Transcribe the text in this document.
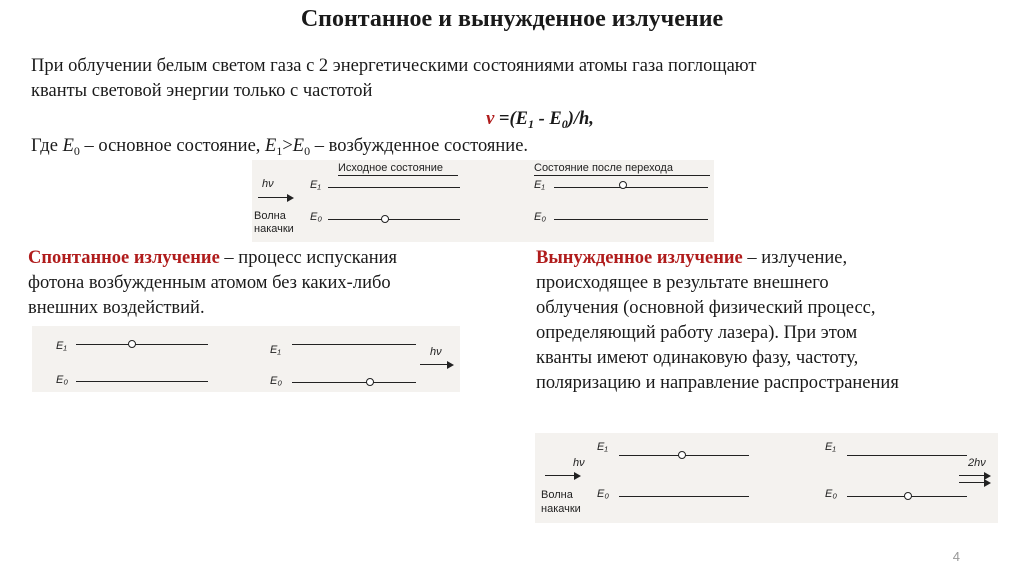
Спонтанное и вынужденное излучение
При облучении белым светом газа с 2 энергетическими состояниями атомы газа поглощают
кванты световой энергии только с частотой
$\nu =(E_1 - E_0)/h$,
Где $E_0$ – основное состояние, $E_1>E_0$ – возбужденное состояние.
Исходное состояние	Состояние после перехода
hν	E₁
Волна
накачки
E₀
E₁
E₀
Спонтанное излучение – процесс испускания
фотона возбужденным атомом без каких-либо
внешних воздействий.
E₁
E₀
E₁	hν
E₀
Вынужденное излучение – излучение,
происходящее в результате внешнего
облучения (основной физический процесс,
определяющий работу лазера). При этом
кванты имеют одинаковую фазу, частоту,
поляризацию и направление распространения
E₁
hν
Волна
накачки
E₀
E₁
2hν
E₀
4
